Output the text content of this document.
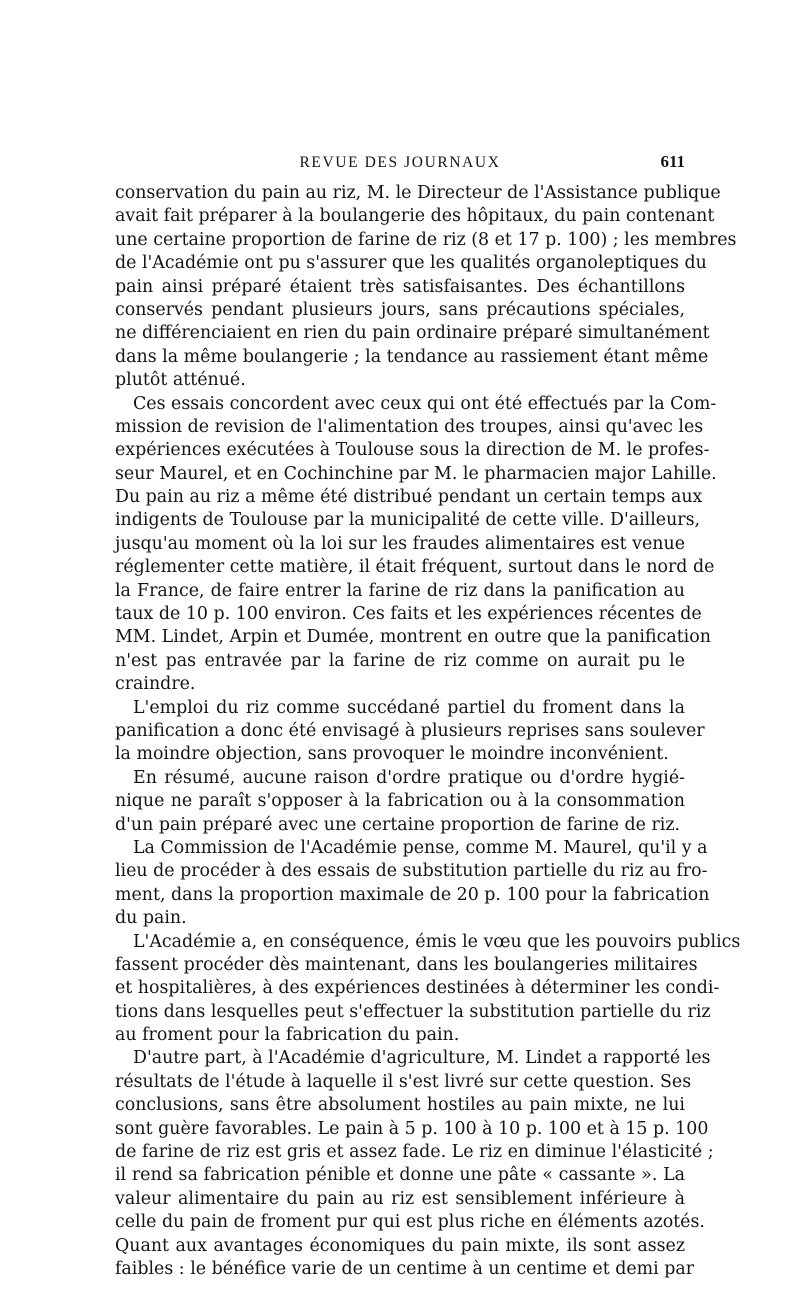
REVUE DES JOURNAUX	611
conservation du pain au riz, M. le Directeur de l'Assistance publique
avait fait préparer à la boulangerie des hôpitaux, du pain contenant
une certaine proportion de farine de riz (8 et 17 p. 100) ; les membres
de l'Académie ont pu s'assurer que les qualités organoleptiques du
pain ainsi préparé étaient très satisfaisantes. Des échantillons
conservés pendant plusieurs jours, sans précautions spéciales,
ne différenciaient en rien du pain ordinaire préparé simultanément
dans la même boulangerie ; la tendance au rassiement étant même
plutôt atténué.
Ces essais concordent avec ceux qui ont été effectués par la Com-
mission de revision de l'alimentation des troupes, ainsi qu'avec les
expériences exécutées à Toulouse sous la direction de M. le profes-
seur Maurel, et en Cochinchine par M. le pharmacien major Lahille.
Du pain au riz a même été distribué pendant un certain temps aux
indigents de Toulouse par la municipalité de cette ville. D'ailleurs,
jusqu'au moment où la loi sur les fraudes alimentaires est venue
réglementer cette matière, il était fréquent, surtout dans le nord de
la France, de faire entrer la farine de riz dans la panification au
taux de 10 p. 100 environ. Ces faits et les expériences récentes de
MM. Lindet, Arpin et Dumée, montrent en outre que la panification
n'est pas entravée par la farine de riz comme on aurait pu le
craindre.
L'emploi du riz comme succédané partiel du froment dans la
panification a donc été envisagé à plusieurs reprises sans soulever
la moindre objection, sans provoquer le moindre inconvénient.
En résumé, aucune raison d'ordre pratique ou d'ordre hygié-
nique ne paraît s'opposer à la fabrication ou à la consommation
d'un pain préparé avec une certaine proportion de farine de riz.
La Commission de l'Académie pense, comme M. Maurel, qu'il y a
lieu de procéder à des essais de substitution partielle du riz au fro-
ment, dans la proportion maximale de 20 p. 100 pour la fabrication
du pain.
L'Académie a, en conséquence, émis le vœu que les pouvoirs publics
fassent procéder dès maintenant, dans les boulangeries militaires
et hospitalières, à des expériences destinées à déterminer les condi-
tions dans lesquelles peut s'effectuer la substitution partielle du riz
au froment pour la fabrication du pain.
D'autre part, à l'Académie d'agriculture, M. Lindet a rapporté les
résultats de l'étude à laquelle il s'est livré sur cette question. Ses
conclusions, sans être absolument hostiles au pain mixte, ne lui
sont guère favorables. Le pain à 5 p. 100 à 10 p. 100 et à 15 p. 100
de farine de riz est gris et assez fade. Le riz en diminue l'élasticité ;
il rend sa fabrication pénible et donne une pâte « cassante ». La
valeur alimentaire du pain au riz est sensiblement inférieure à
celle du pain de froment pur qui est plus riche en éléments azotés.
Quant aux avantages économiques du pain mixte, ils sont assez
faibles : le bénéfice varie de un centime à un centime et demi par
